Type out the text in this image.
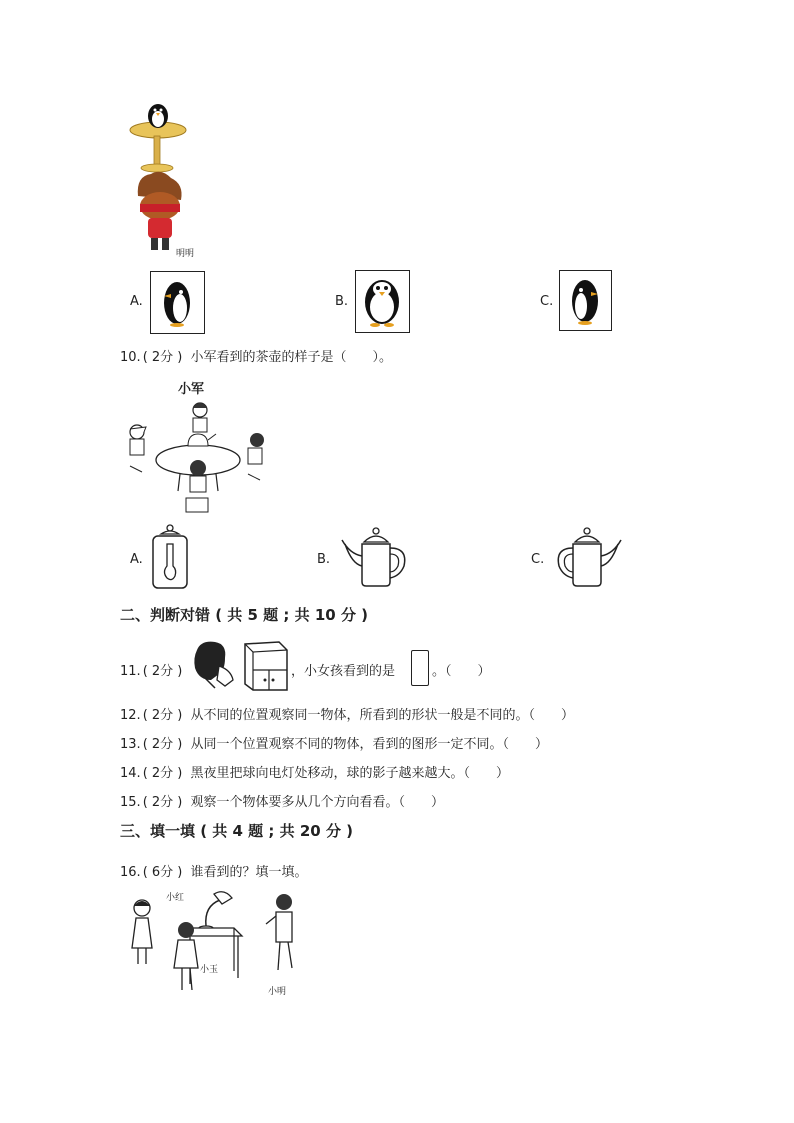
明明
A.	B.	C.
10. ( 2分 ) 小军看到的茶壶的样子是（　　）。
小军
A.	B.	C.
二、判断对错 ( 共 5 题 ; 共 10 分 )
11. ( 2分 )	，小女孩看到的是	。（　　）
12. ( 2分 ) 从不同的位置观察同一物体，所看到的形状一般是不同的。（　　）
13. ( 2分 ) 从同一个位置观察不同的物体，看到的图形一定不同。（　　）
14. ( 2分 ) 黑夜里把球向电灯处移动，球的影子越来越大。（　　）
15. ( 2分 ) 观察一个物体要多从几个方向看看。（　　）
三、填一填 ( 共 4 题 ; 共 20 分 )
16. ( 6分 ) 谁看到的？填一填。
小红
小玉
小明
